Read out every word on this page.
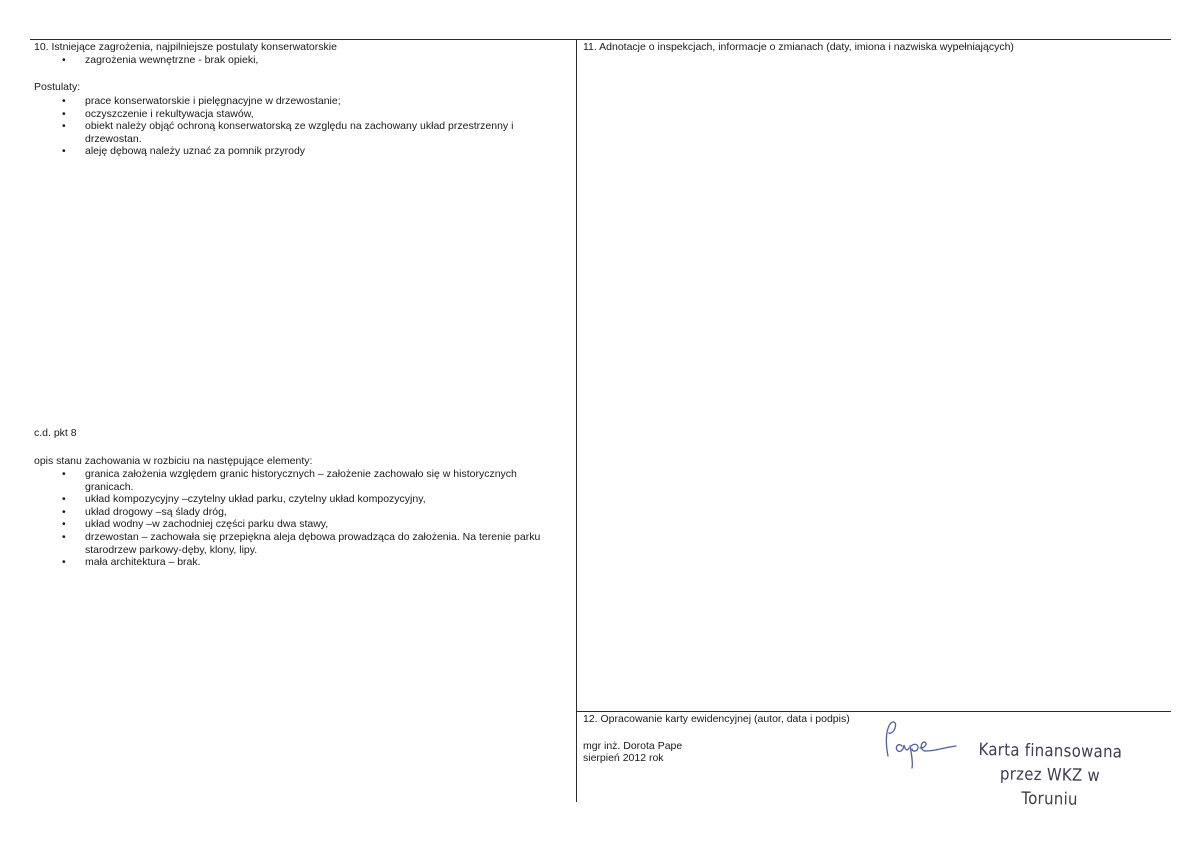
10. Istniejące zagrożenia, najpilniejsze postulaty konserwatorskie
• zagrożenia wewnętrzne - brak opieki,
Postulaty:
• prace konserwatorskie i pielęgnacyjne w drzewostanie;
• oczyszczenie i rekultywacja stawów,
• obiekt należy objąć ochroną konserwatorską ze względu na zachowany układ przestrzenny i drzewostan.
• aleję dębową należy uznać za pomnik przyrody
c.d. pkt 8
opis stanu zachowania w rozbiciu na następujące elementy:
• granica założenia względem granic historycznych – założenie zachowało się w historycznych granicach.
• układ kompozycyjny –czytelny układ parku, czytelny układ kompozycyjny,
• układ drogowy –są ślady dróg,
• układ wodny –w zachodniej części parku dwa stawy,
• drzewostan – zachowała się przepiękna aleja dębowa prowadząca do założenia. Na terenie parku starodrzew parkowy-dęby, klony, lipy.
• mała architektura – brak.
11. Adnotacje o inspekcjach, informacje o zmianach (daty, imiona i nazwiska wypełniających)
12. Opracowanie karty ewidencyjnej (autor, data i podpis)
mgr inż. Dorota Pape
sierpień 2012 rok	Karta finansowana
przez WKZ w Toruniu
